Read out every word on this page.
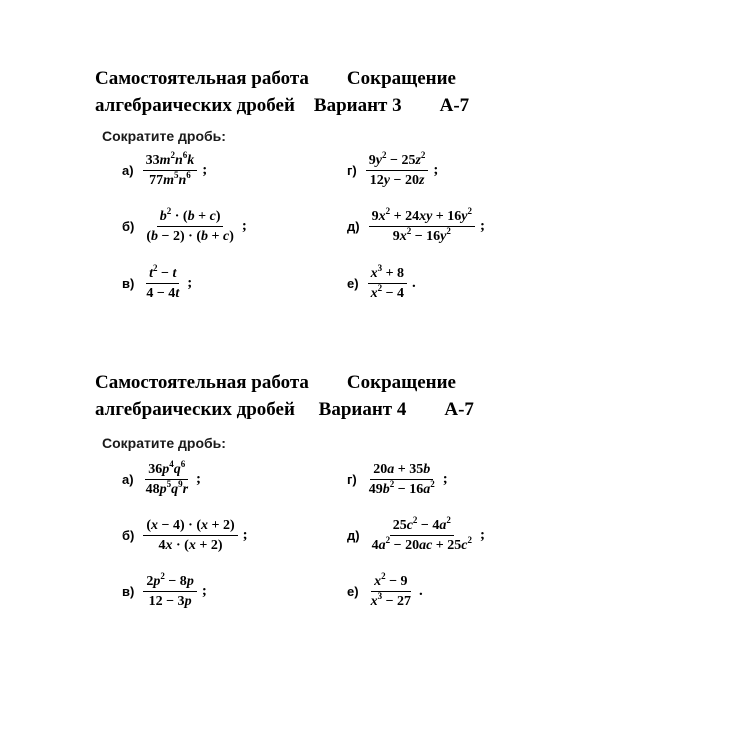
Самостоятельная работа        Сокращение
алгебраических дробей    Вариант 3        А-7
Сократите дробь:
$а) \frac{33m^2n^6k}{77m^5n^6}$ ;	$г) \frac{9y^2 - 25z^2}{12y - 20z}$ ;
$б) \frac{b^2 \cdot (b + c)}{(b - 2) \cdot (b + c)}$ ;	$д) \frac{9x^2 + 24xy + 16y^2}{9x^2 - 16y^2}$ ;
$в) \frac{t^2 - t}{4 - 4t}$ ;	$е) \frac{x^3 + 8}{x^2 - 4}$ .
Самостоятельная работа        Сокращение
алгебраических дробей     Вариант 4        А-7
Сократите дробь:
$а) \frac{36p^4q^6}{48p^5q^9r}$ ;	$г) \frac{20a + 35b}{49b^2 - 16a^2}$ ;
$б) \frac{(x - 4) \cdot (x + 2)}{4x \cdot (x + 2)}$ ;	$д) \frac{25c^2 - 4a^2}{4a^2 - 20ac + 25c^2}$ ;
$в) \frac{2p^2 - 8p}{12 - 3p}$ ;	$е) \frac{x^2 - 9}{x^3 - 27}$ .
